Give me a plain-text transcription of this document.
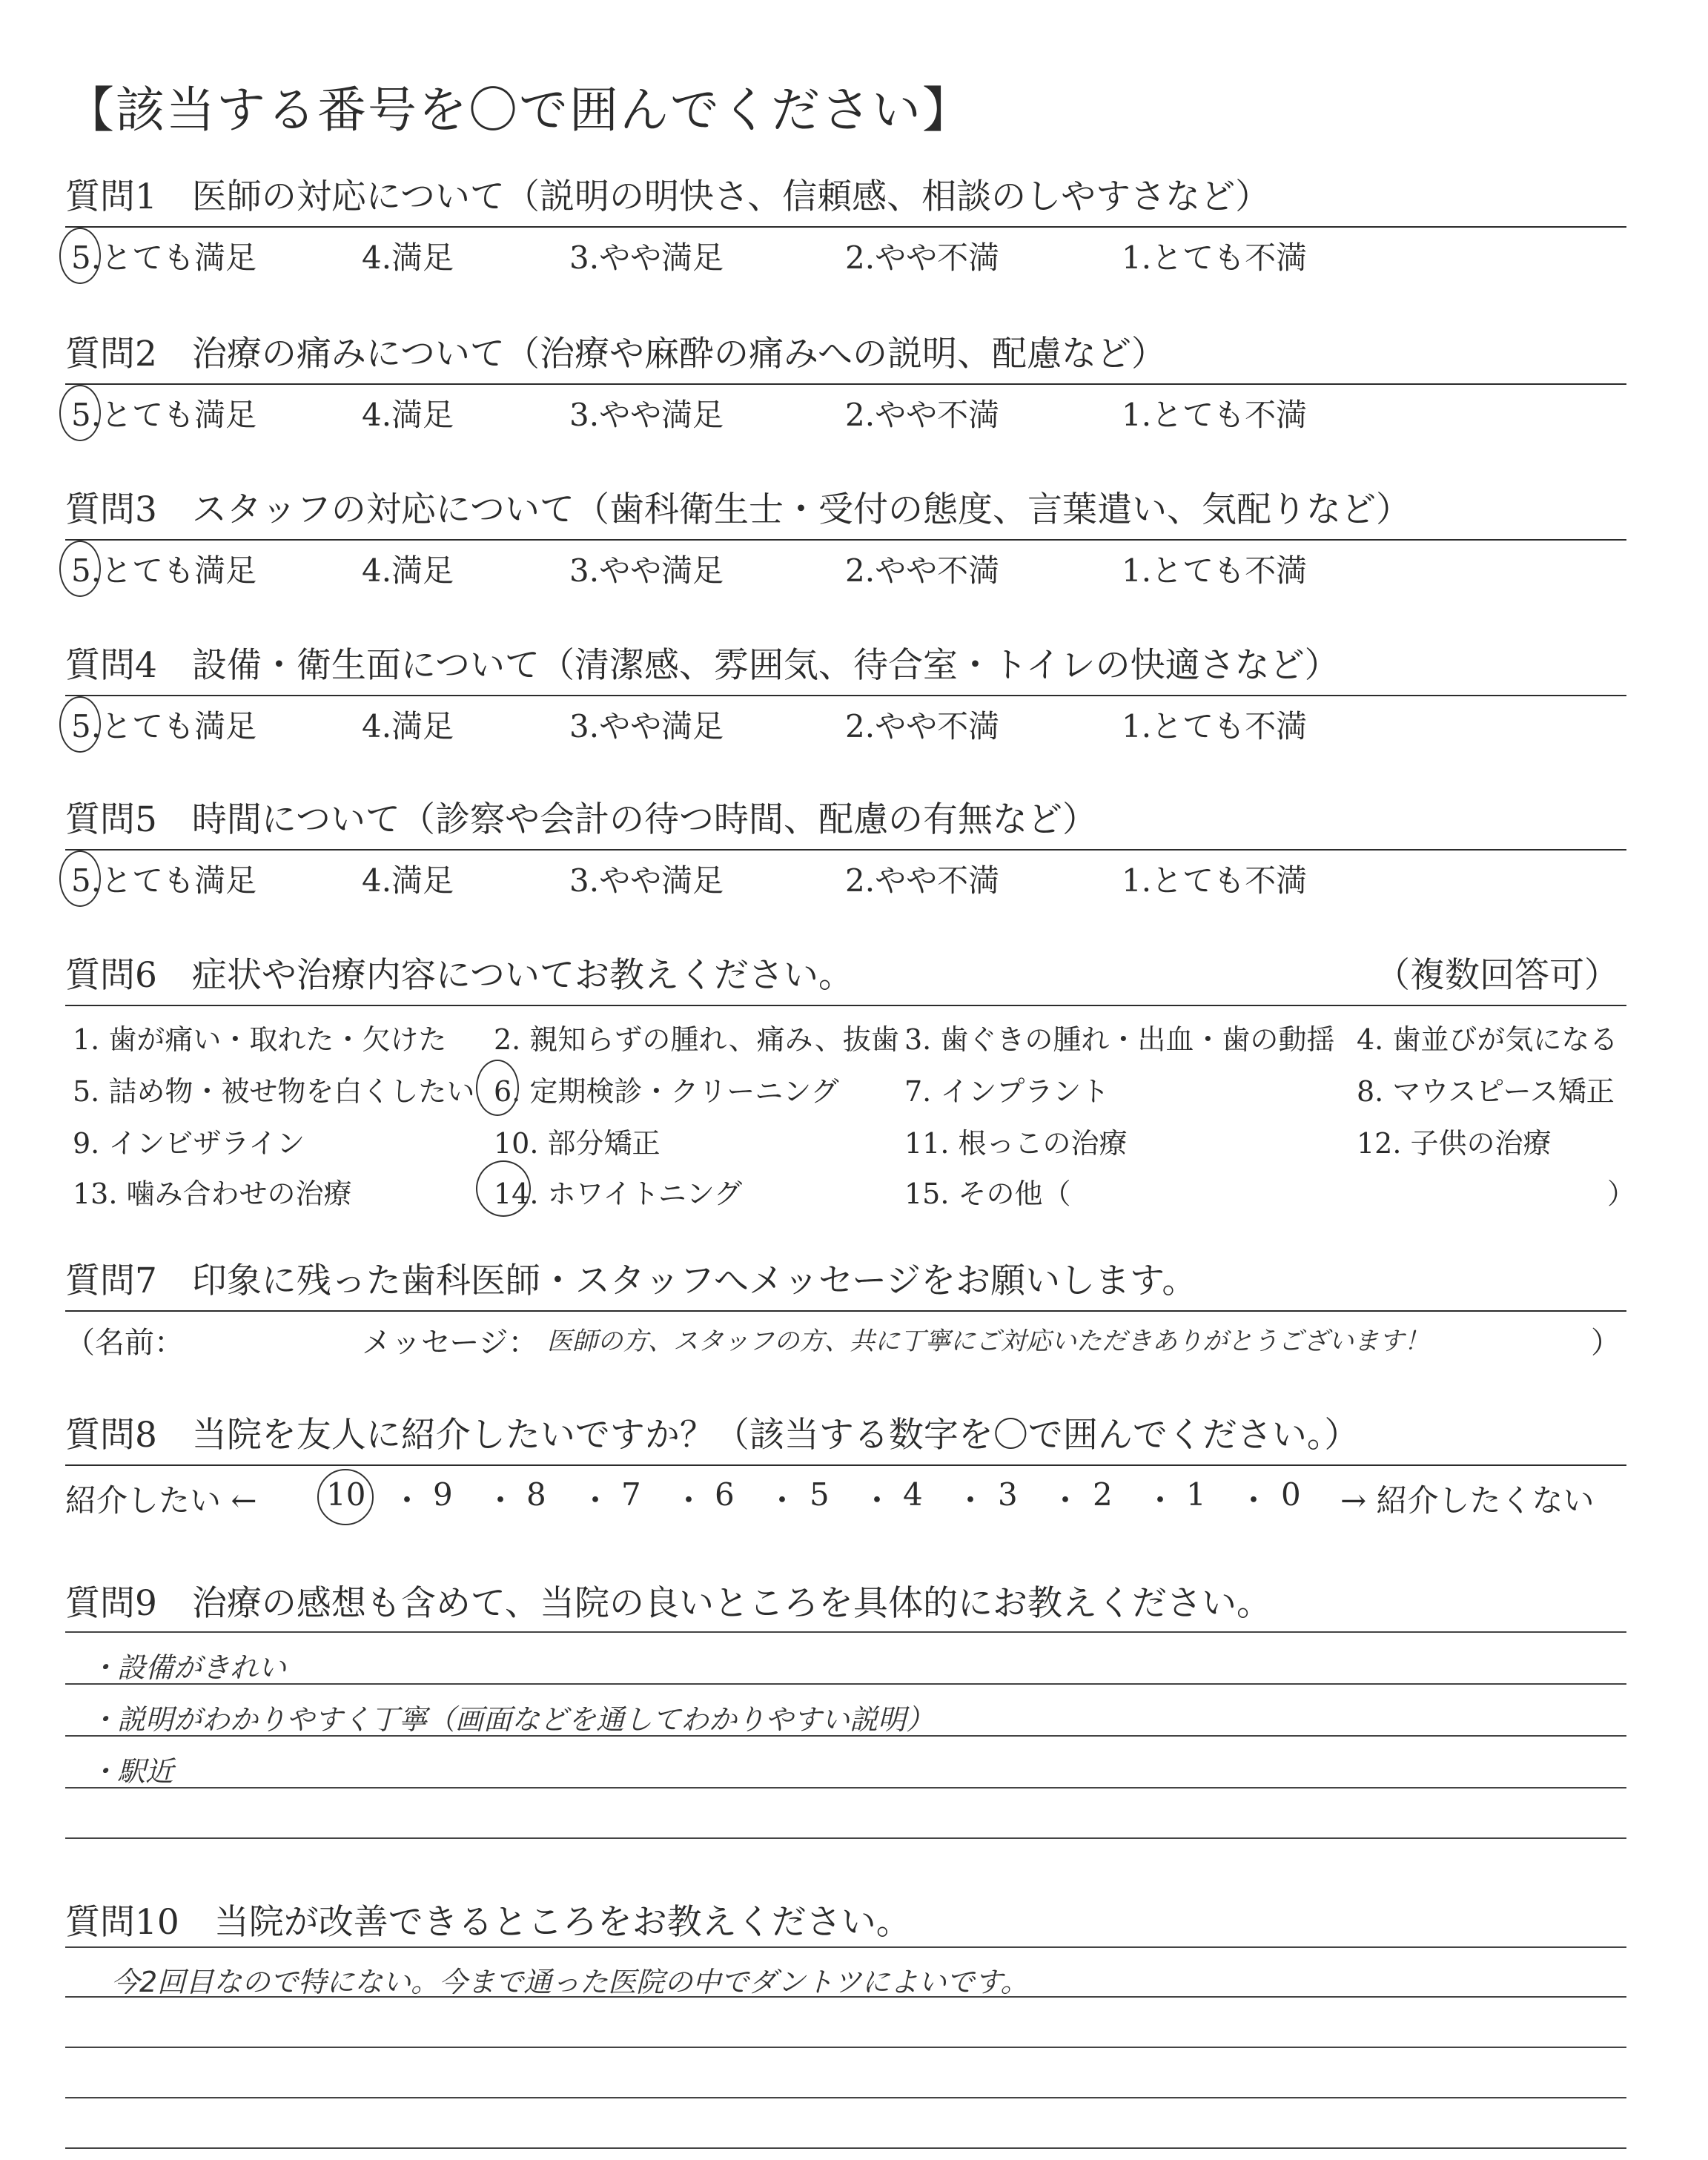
【該当する番号を〇で囲んでください】
質問1　 医師の対応について（説明の明快さ、信頼感、相談のしやすさなど）
5.とても満足	4.満足	3.やや満足	2.やや不満	1.とても不満
質問2　 治療の痛みについて（治療や麻酔の痛みへの説明、配慮など）
5.とても満足	4.満足	3.やや満足	2.やや不満	1.とても不満
質問3　 スタッフの対応について（歯科衛生士・受付の態度、言葉遣い、気配りなど）
5.とても満足	4.満足	3.やや満足	2.やや不満	1.とても不満
質問4　 設備・衛生面について（清潔感、雰囲気、待合室・トイレの快適さなど）
5.とても満足	4.満足	3.やや満足	2.やや不満	1.とても不満
質問5　 時間について（診察や会計の待つ時間、配慮の有無など）
5.とても満足	4.満足	3.やや満足	2.やや不満	1.とても不満
質問6　 症状や治療内容についてお教えください。	（複数回答可）
1. 歯が痛い・取れた・欠けた 2. 親知らずの腫れ、痛み、抜歯 3. 歯ぐきの腫れ・出血・歯の動揺 4. 歯並びが気になる
5. 詰め物・被せ物を白くしたい 6. 定期検診・クリーニング 7. インプラント	8. マウスピース矯正
9. インビザライン	10. 部分矯正	11. 根っこの治療	12. 子供の治療
13. 噛み合わせの治療	14. ホワイトニング	15. その他（	）
質問7　 印象に残った歯科医師・スタッフへメッセージをお願いします。
（名前：	メッセージ： 医師の方、スタッフの方、共に丁寧にご対応いただきありがとうございます！	）
質問8　 当院を友人に紹介したいですか？（該当する数字を〇で囲んでください。）
紹介したい ← 10 ・ 9 ・ 8 ・ 7 ・ 6 ・ 5 ・ 4 ・ 3 ・ 2 ・ 1 ・ 0 → 紹介したくない
質問9　 治療の感想も含めて、当院の良いところを具体的にお教えください。
・設備がきれい
・説明がわかりやすく丁寧（画面などを通してわかりやすい説明）
・駅近
質問10　 当院が改善できるところをお教えください。
今2回目なので特にない。今まで通った医院の中でダントツによいです。
